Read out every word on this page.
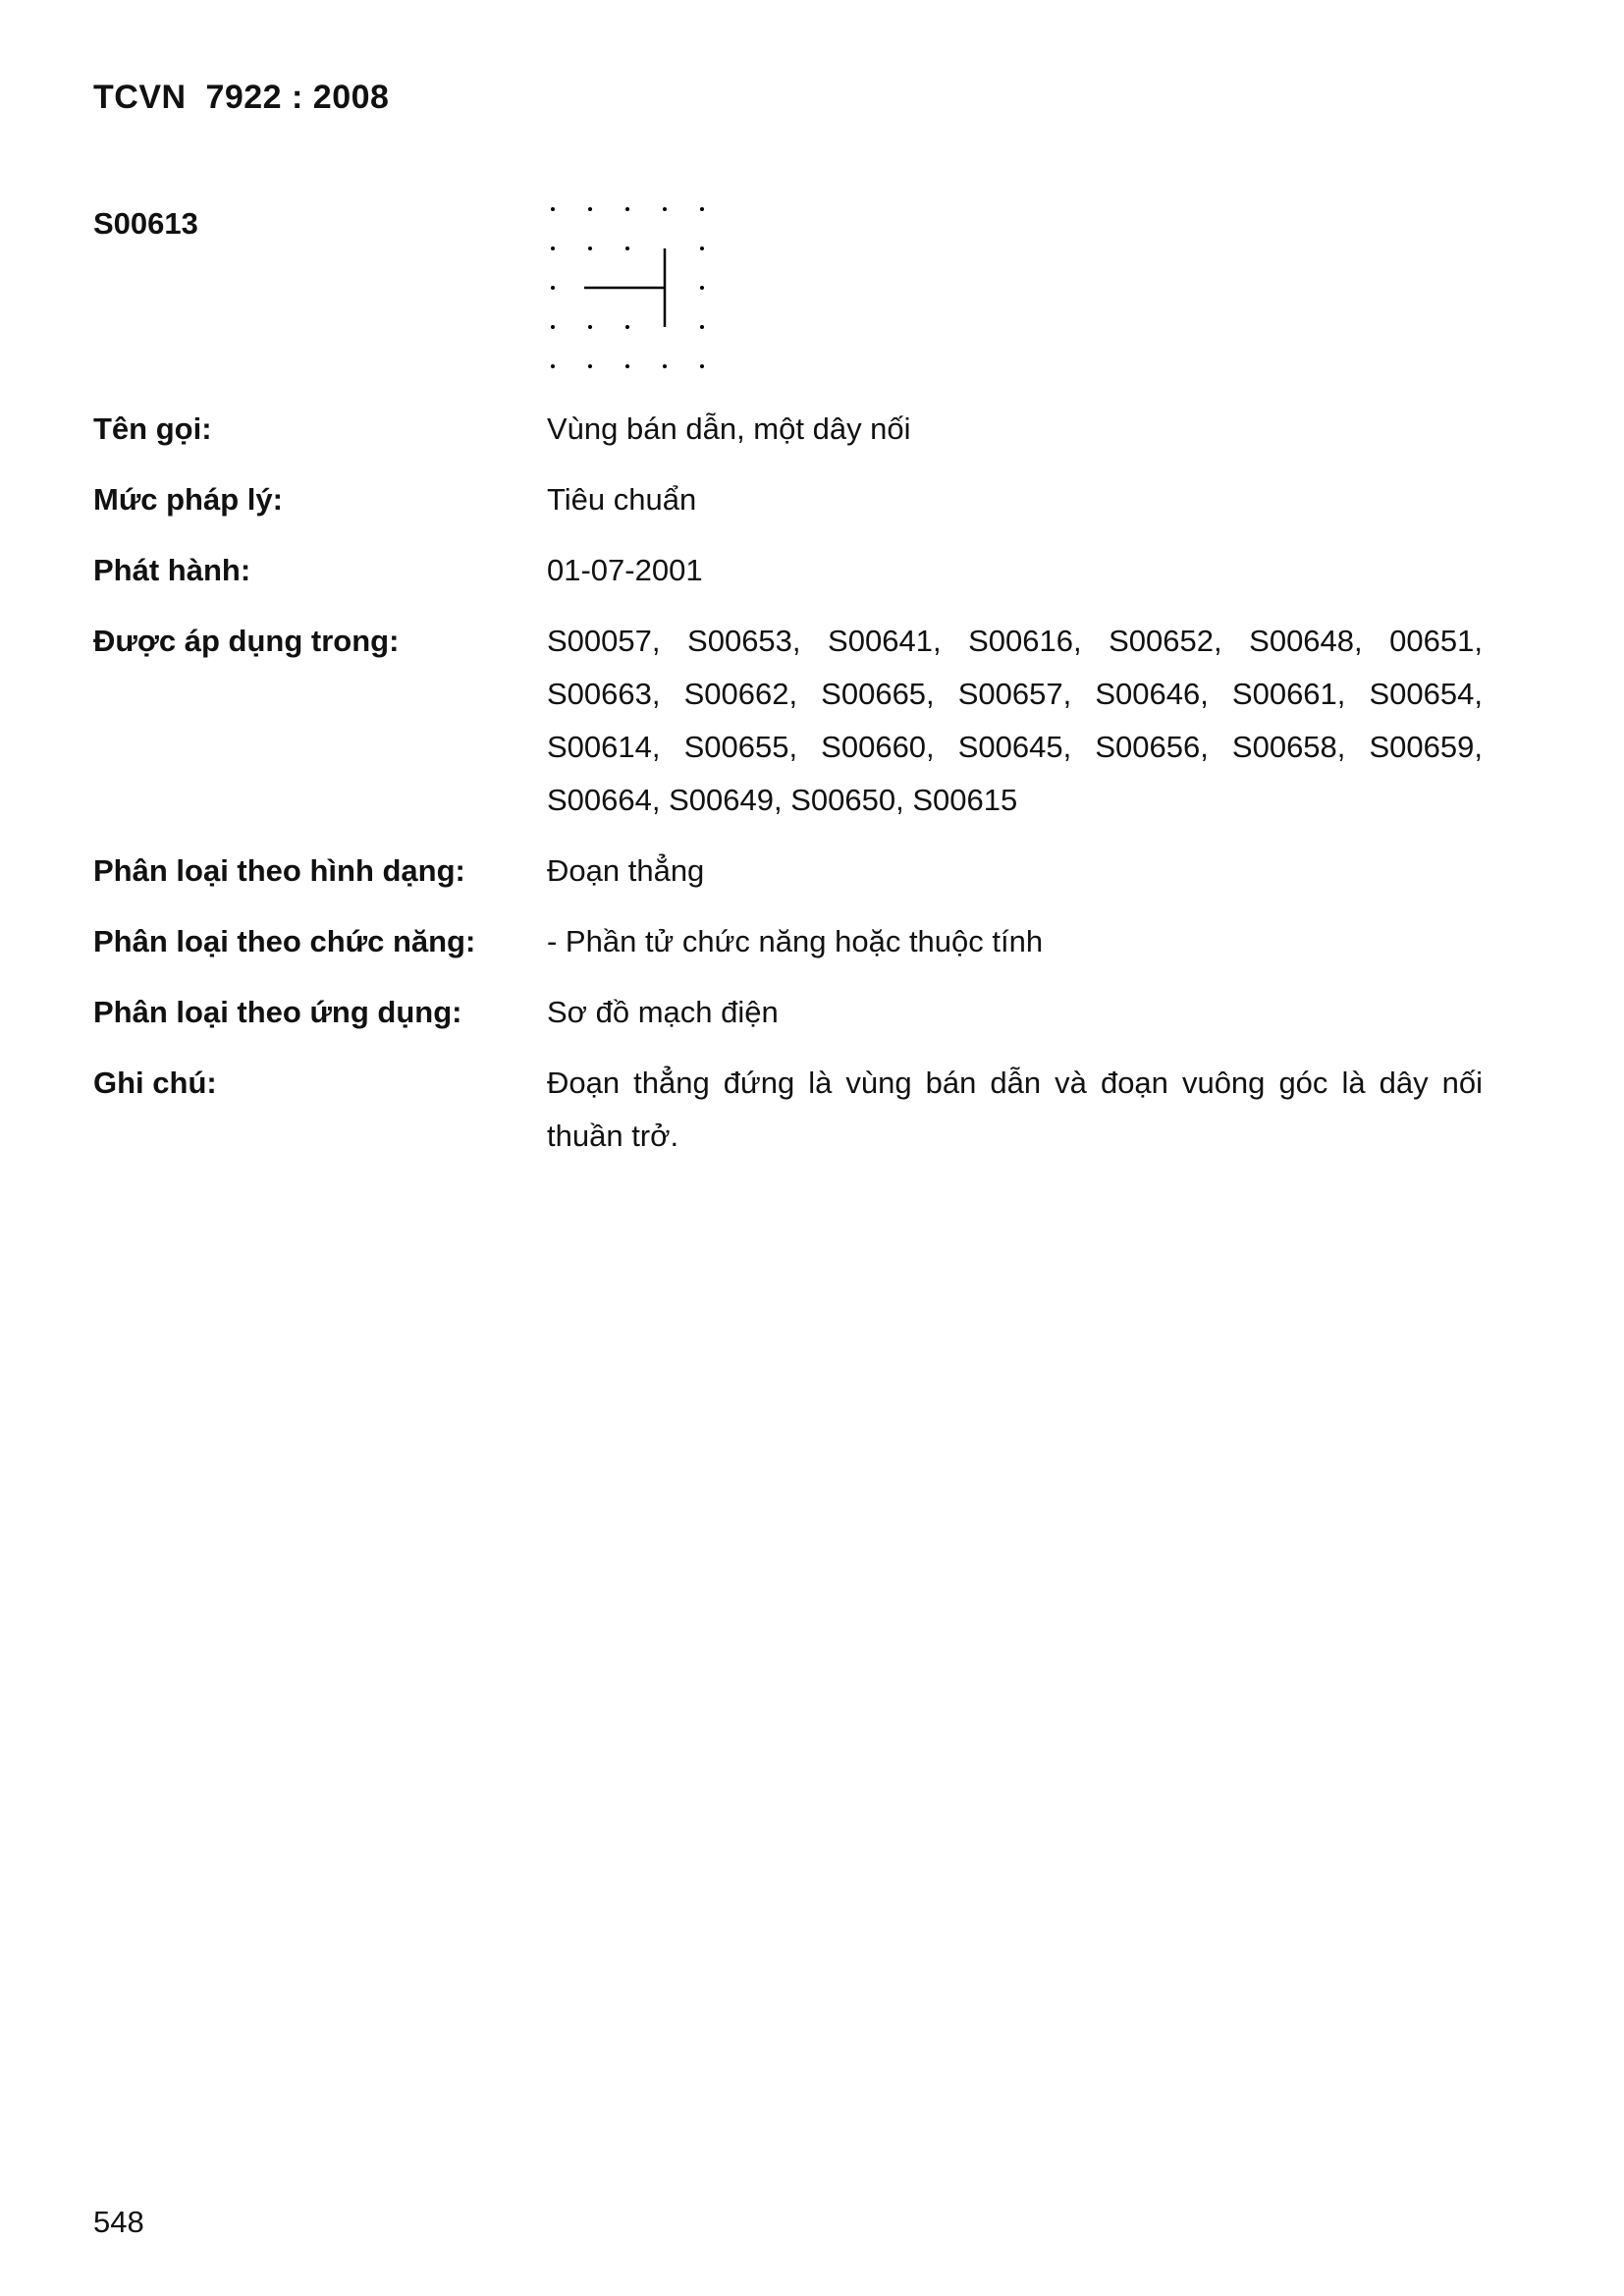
TCVN  7922 : 2008
S00613
Tên gọi:	Vùng bán dẫn, một dây nối
Mức pháp lý:	Tiêu chuẩn
Phát hành:	01-07-2001
Được áp dụng trong:	S00057, S00653, S00641, S00616, S00652, S00648, 00651, S00663, S00662, S00665, S00657, S00646, S00661, S00654, S00614, S00655, S00660, S00645, S00656, S00658, S00659, S00664, S00649, S00650, S00615
Phân loại theo hình dạng:	Đoạn thẳng
Phân loại theo chức năng:	- Phần tử chức năng hoặc thuộc tính
Phân loại theo ứng dụng:	Sơ đồ mạch điện
Ghi chú:	Đoạn thẳng đứng là vùng bán dẫn và đoạn vuông góc là dây nối thuần trở.
548
